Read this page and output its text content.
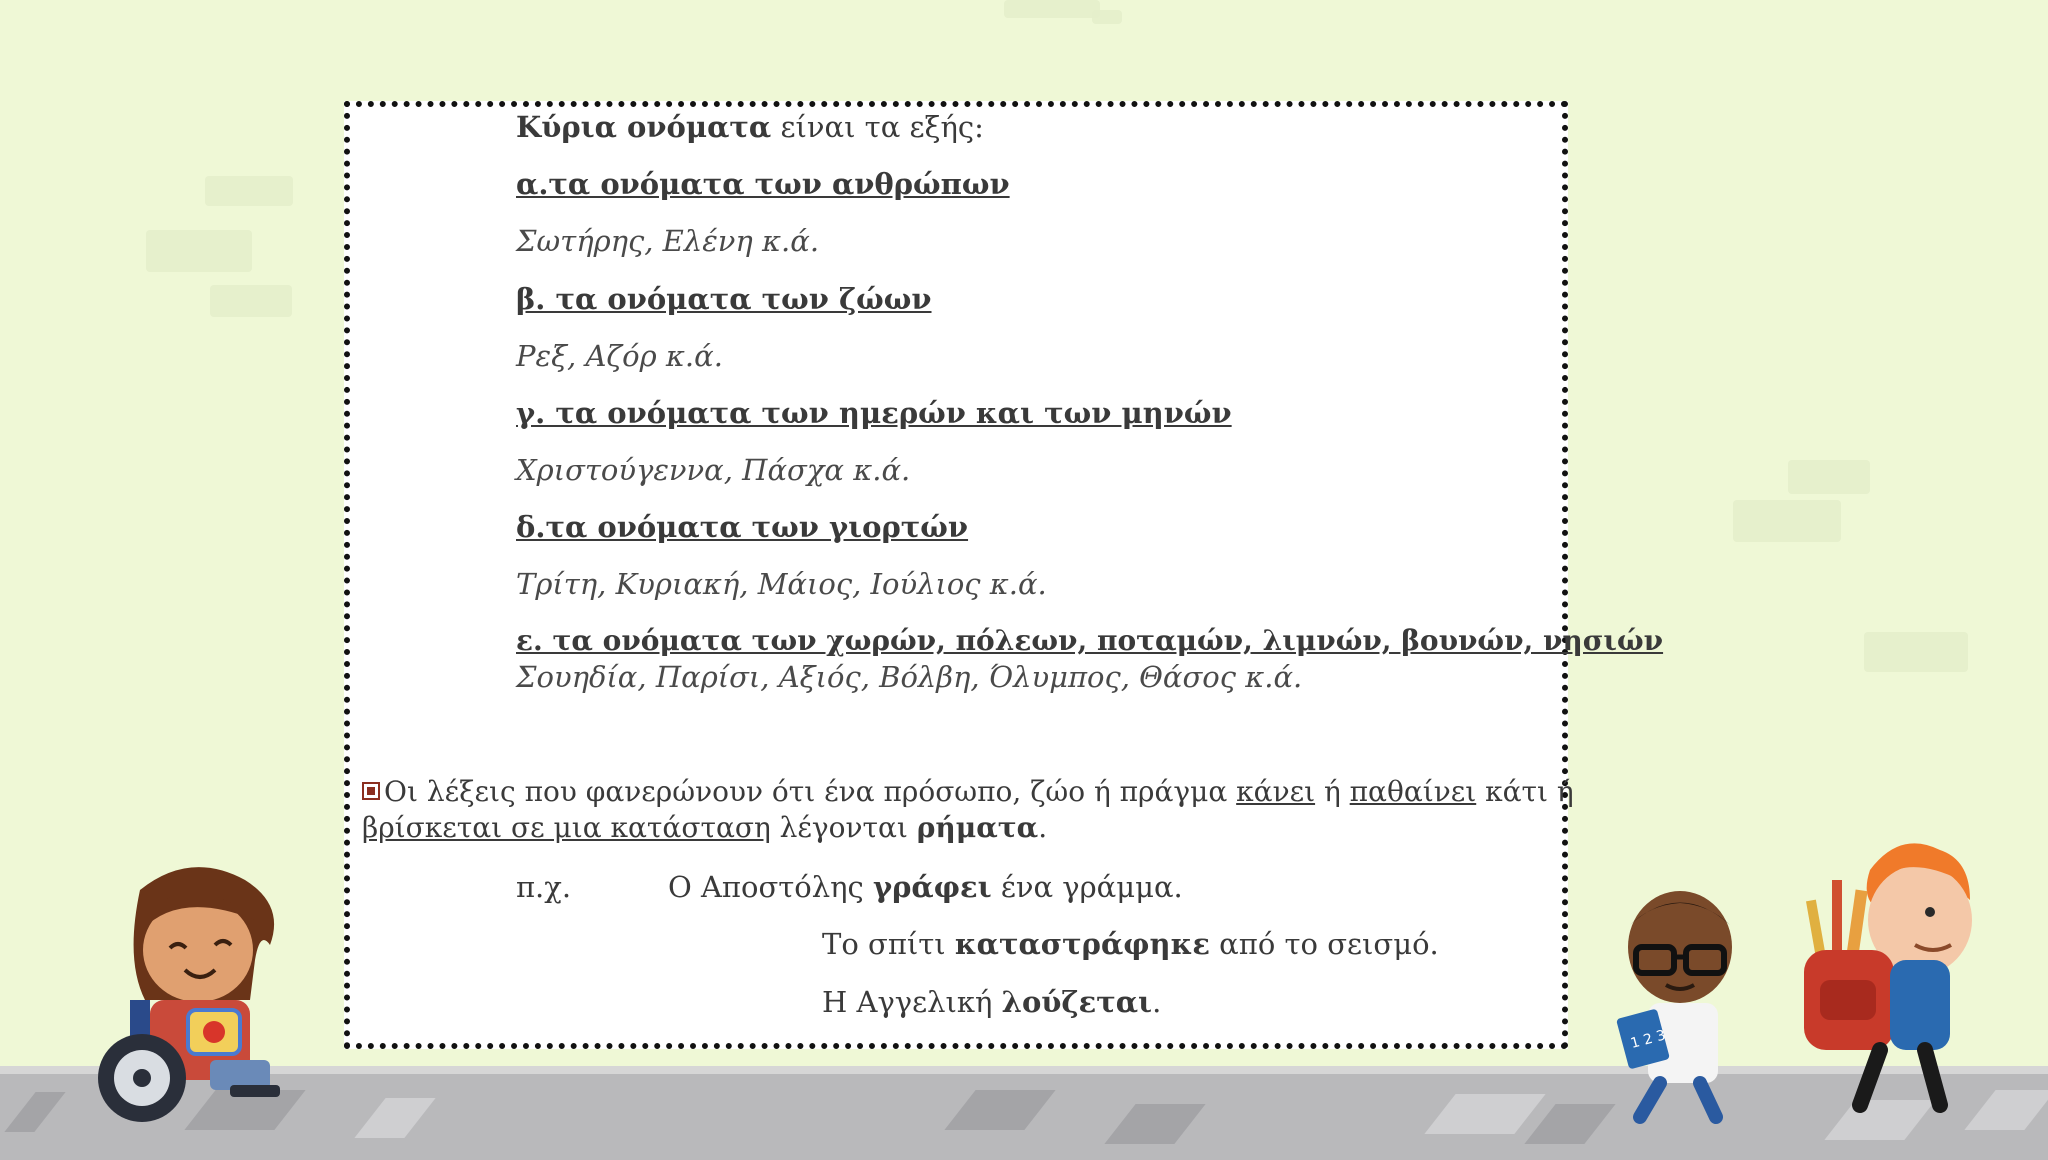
Κύρια ονόματα είναι τα εξής:
α.τα ονόματα των ανθρώπων
Σωτήρης, Ελένη κ.ά.
β. τα ονόματα των ζώων
Ρεξ, Αζόρ κ.ά.
γ. τα ονόματα των ημερών και των μηνών
Χριστούγεννα, Πάσχα κ.ά.
δ.τα ονόματα των γιορτών
Τρίτη, Κυριακή, Μάιος, Ιούλιος κ.ά.
ε. τα ονόματα των χωρών, πόλεων, ποταμών, λιμνών, βουνών, νησιών
Σουηδία, Παρίσι, Αξιός, Βόλβη, Όλυμπος, Θάσος κ.ά.
Οι λέξεις που φανερώνουν ότι ένα πρόσωπο, ζώο ή πράγμα κάνει ή παθαίνει κάτι ή
βρίσκεται σε μια κατάσταση λέγονται ρήματα.
π.χ.	Ο Αποστόλης γράφει ένα γράμμα.
Το σπίτι καταστράφηκε από το σεισμό.
Η Αγγελική λούζεται.
1 2 3
